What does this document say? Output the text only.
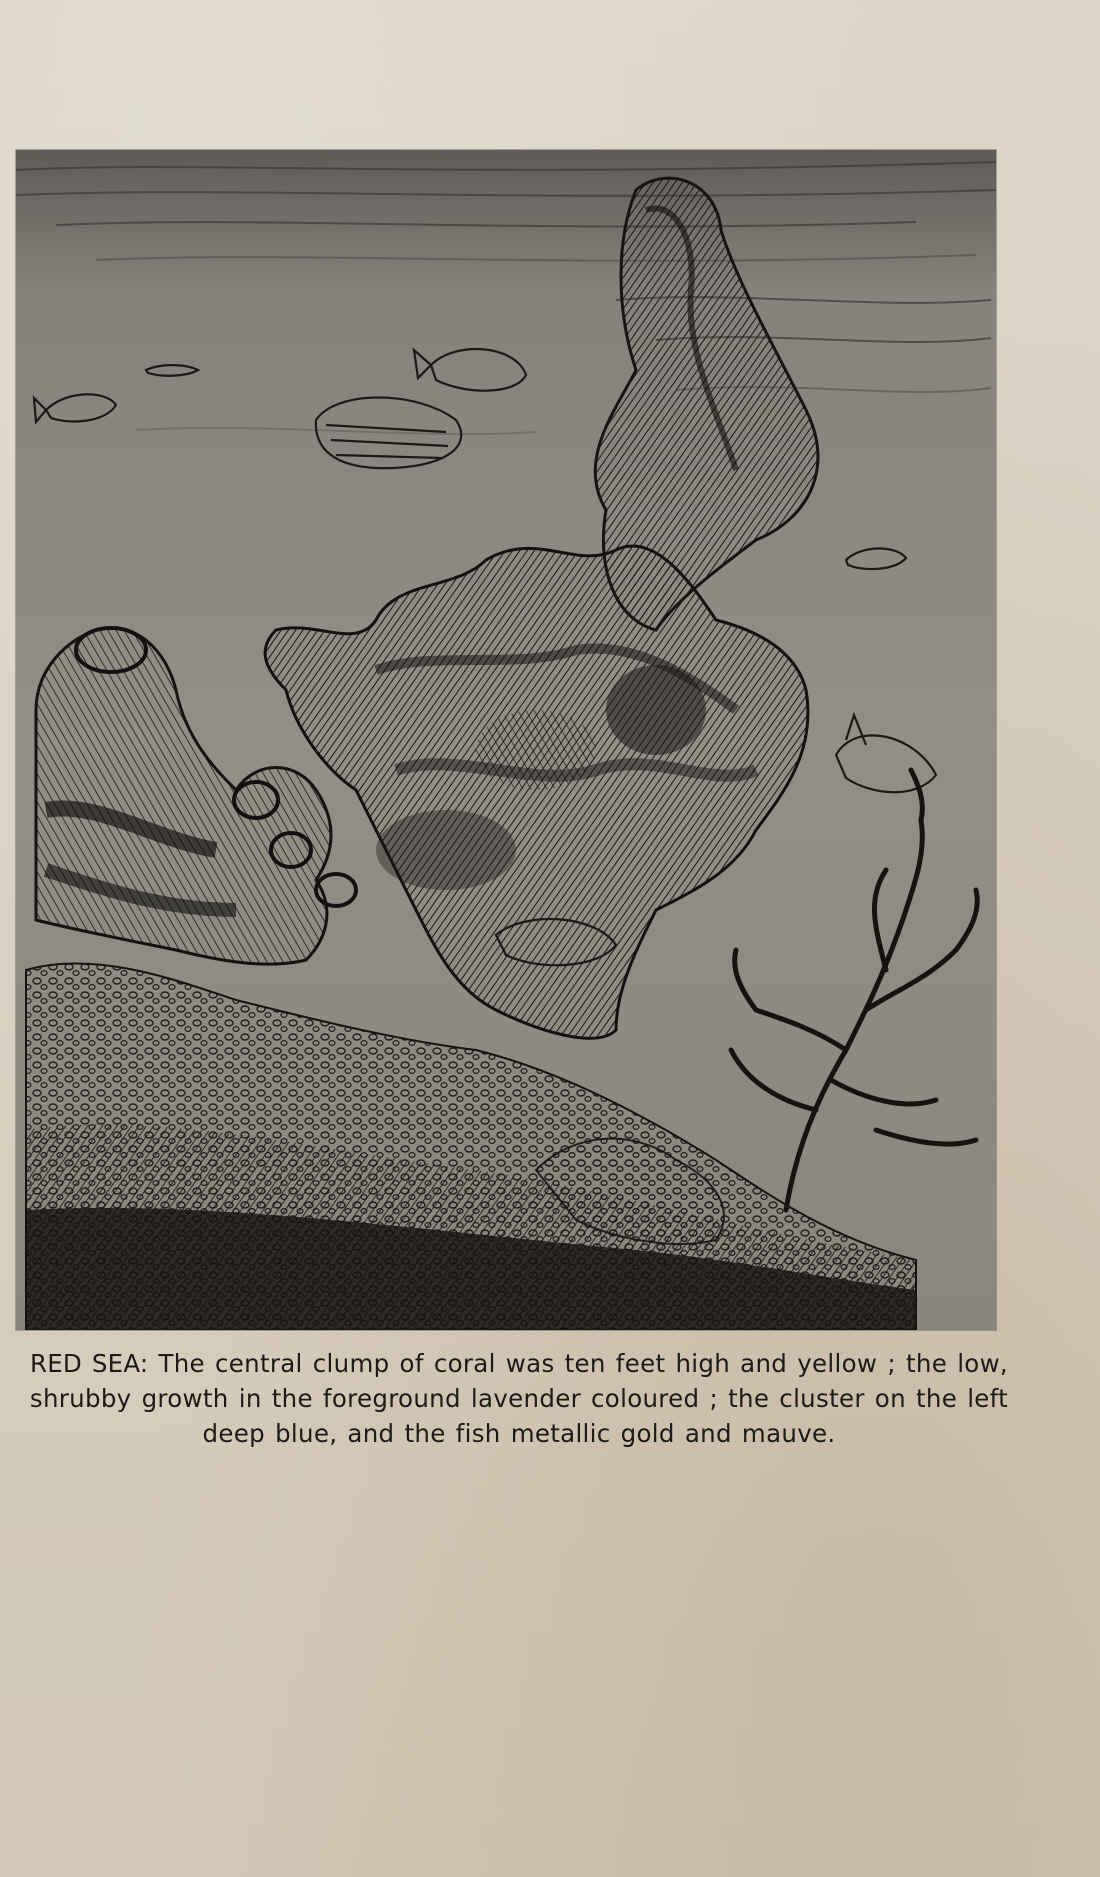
RED SEA: The central clump of coral was ten feet high and yellow ; the low, shrubby growth in the foreground lavender coloured ; the cluster on the left deep blue, and the fish metallic gold and mauve.
